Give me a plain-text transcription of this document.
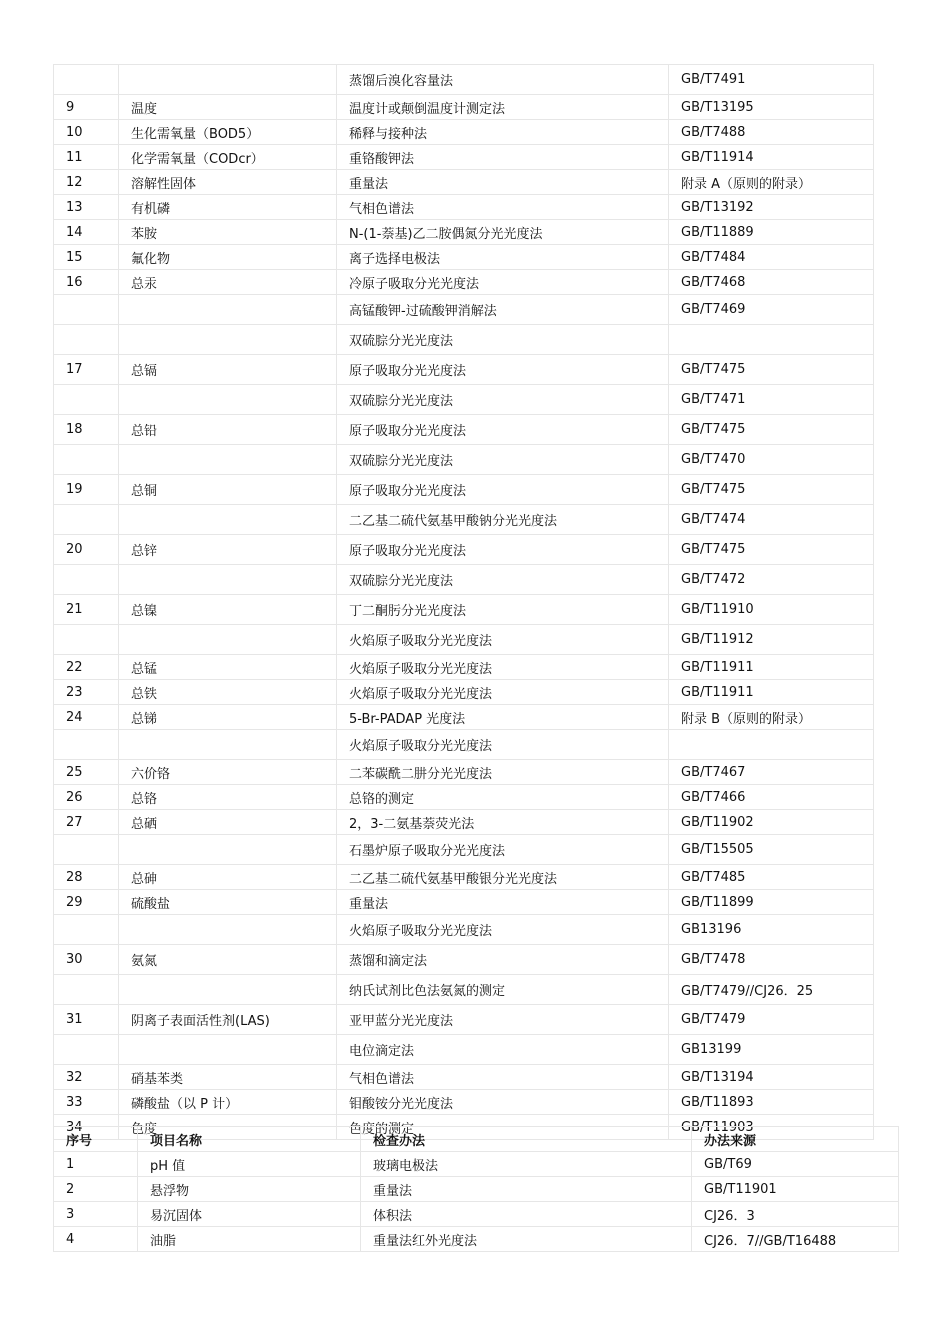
		蒸馏后溴化容量法	GB/T7491	
9	温度	温度计或颠倒温度计测定法	GB/T13195	
10	生化需氧量（BOD5）	稀释与接种法	GB/T7488	
11	化学需氧量（CODcr）	重铬酸钾法	GB/T11914	
12	溶解性固体	重量法	附录 A（原则的附录）	
13	有机磷	气相色谱法	GB/T13192	
14	苯胺	N-(1-萘基)乙二胺偶氮分光光度法	GB/T11889	
15	氟化物	离子选择电极法	GB/T7484	
16	总汞	冷原子吸取分光光度法	GB/T7468	
		高锰酸钾-过硫酸钾消解法	GB/T7469	
		双硫腙分光光度法		
17	总镉	原子吸取分光光度法	GB/T7475	
		双硫腙分光光度法	GB/T7471	
18	总铅	原子吸取分光光度法	GB/T7475	
		双硫腙分光光度法	GB/T7470	
19	总铜	原子吸取分光光度法	GB/T7475	
		二乙基二硫代氨基甲酸钠分光光度法	GB/T7474	
20	总锌	原子吸取分光光度法	GB/T7475	
		双硫腙分光光度法	GB/T7472	
21	总镍	丁二酮肟分光光度法	GB/T11910	
		火焰原子吸取分光光度法	GB/T11912	
22	总锰	火焰原子吸取分光光度法	GB/T11911	
23	总铁	火焰原子吸取分光光度法	GB/T11911	
24	总锑	5-Br-PADAP 光度法	附录 B（原则的附录）	
		火焰原子吸取分光光度法		
25	六价铬	二苯碳酰二肼分光光度法	GB/T7467	
26	总铬	总铬的测定	GB/T7466	
27	总硒	2，3-二氨基萘荧光法	GB/T11902	
		石墨炉原子吸取分光光度法	GB/T15505	
28	总砷	二乙基二硫代氨基甲酸银分光光度法	GB/T7485	
29	硫酸盐	重量法	GB/T11899	
		火焰原子吸取分光光度法	GB13196	
30	氨氮	蒸馏和滴定法	GB/T7478	
		纳氏试剂比色法氨氮的测定	GB/T7479//CJ26．25	
31	阴离子表面活性剂(LAS)	亚甲蓝分光光度法	GB/T7479	
		电位滴定法	GB13199	
32	硝基苯类	气相色谱法	GB/T13194	
33	磷酸盐（以 P 计）	钼酸铵分光光度法	GB/T11893	
34	色度	色度的测定	GB/T11903	
序号	项目名称	检查办法	办法来源
1	pH 值	玻璃电极法	GB/T69
2	悬浮物	重量法	GB/T11901
3	易沉固体	体积法	CJ26．3
4	油脂	重量法红外光度法	CJ26．7//GB/T16488
